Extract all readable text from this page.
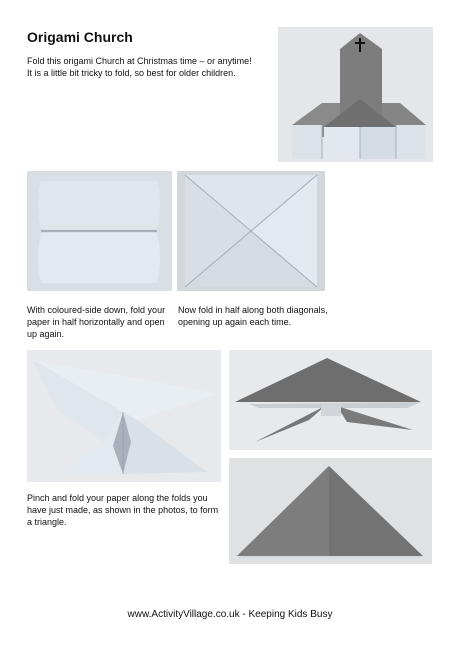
Origami Church
Fold this origami Church at Christmas time – or anytime!
It is a little bit tricky to fold, so best for older children.

With coloured-side down, fold your paper in half horizontally and open up again.

Now fold in half along both diagonals, opening up again each time.

Pinch and fold your paper along the folds you have just made, as shown in the photos, to form a triangle.

www.ActivityVillage.co.uk - Keeping Kids Busy
